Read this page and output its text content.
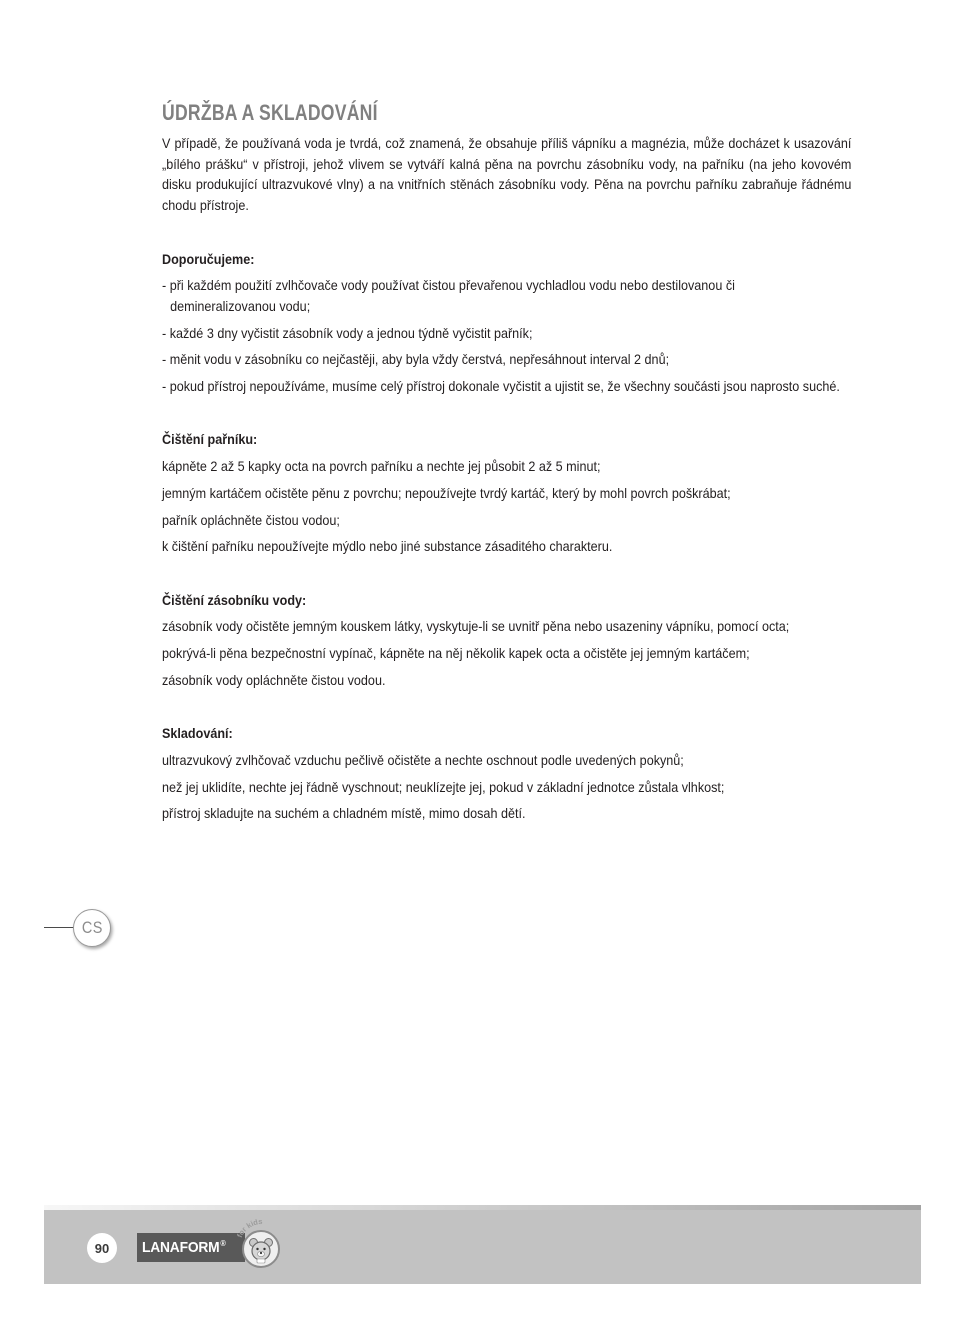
ÚDRŽBA A SKLADOVÁNÍ
V případě, že používaná voda je tvrdá, což znamená, že obsahuje příliš vápníku a magnézia, může docházet k usazování
„bílého prášku“ v přístroji, jehož vlivem se vytváří kalná pěna na povrchu zásobníku vody, na pařníku (na jeho kovovém
disku produkující ultrazvukové vlny) a na vnitřních stěnách zásobníku vody. Pěna na povrchu pařníku zabraňuje řádnému
chodu přístroje.
Doporučujeme:
- při každém použití zvlhčovače vody používat čistou převařenou vychladlou vodu nebo destilovanou či
demineralizovanou vodu;
- každé 3 dny vyčistit zásobník vody a jednou týdně vyčistit pařník;
- měnit vodu v zásobníku co nejčastěji, aby byla vždy čerstvá, nepřesáhnout interval 2 dnů;
- pokud přístroj nepoužíváme, musíme celý přístroj dokonale vyčistit a ujistit se, že všechny součásti jsou naprosto suché.
Čištění pařníku:
kápněte 2 až 5 kapky octa na povrch pařníku a nechte jej působit 2 až 5 minut;
jemným kartáčem očistěte pěnu z povrchu; nepoužívejte tvrdý kartáč, který by mohl povrch poškrábat;
pařník opláchněte čistou vodou;
k čištění pařníku nepoužívejte mýdlo nebo jiné substance zásaditého charakteru.
Čištění zásobníku vody:
zásobník vody očistěte jemným kouskem látky, vyskytuje-li se uvnitř pěna nebo usazeniny vápníku, pomocí octa;
pokrývá-li pěna bezpečnostní vypínač, kápněte na něj několik kapek octa a očistěte jej jemným kartáčem;
zásobník vody opláchněte čistou vodou.
Skladování:
ultrazvukový zvlhčovač vzduchu pečlivě očistěte a nechte oschnout podle uvedených pokynů;
než jej uklidíte, nechte jej řádně vyschnout; neuklízejte jej, pokud v základní jednotce zůstala vlhkost;
přístroj skladujte na suchém a chladném místě, mimo dosah dětí.
CS
90	LANAFORM®
for kids
